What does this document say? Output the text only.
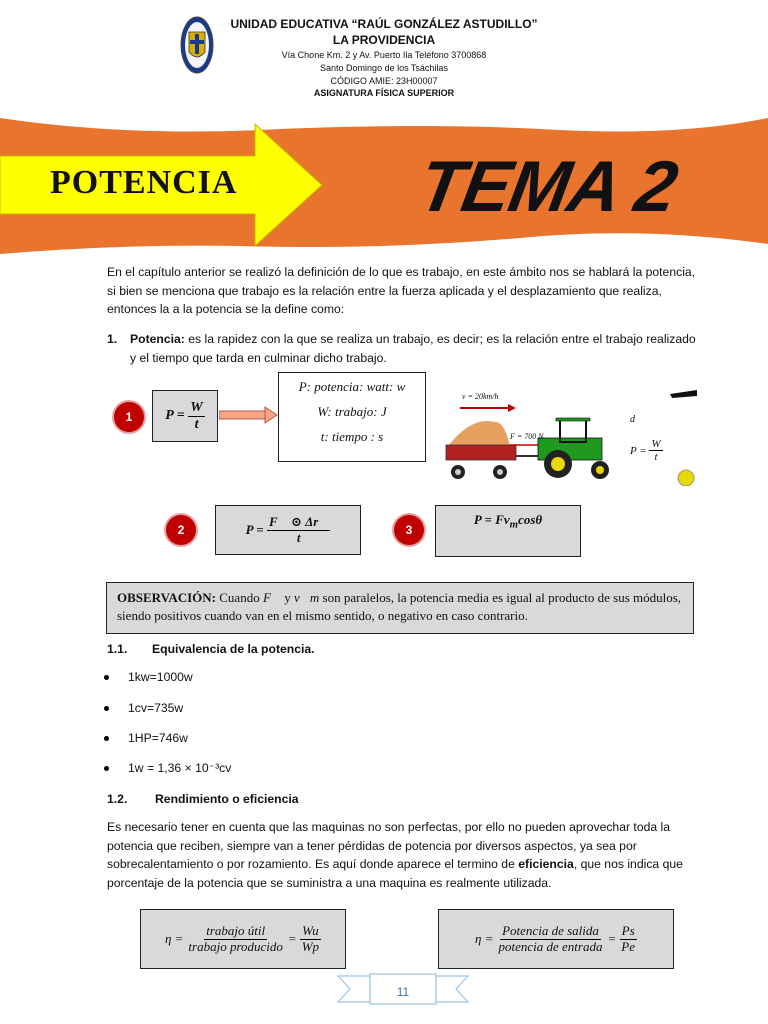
UNIDAD EDUCATIVA “RAÚL GONZÁLEZ ASTUDILLO”
LA PROVIDENCIA
Vía Chone Km. 2 y Av. Puerto Ila Teléfono 3700868
Santo Domingo de los Tsáchilas
CÓDIGO AMIE: 23H00007
ASIGNATURA FÍSICA SUPERIOR
POTENCIA TEMA 2
En el capítulo anterior se realizó la definición de lo que es trabajo, en este ámbito nos se hablará la potencia, si bien se menciona que trabajo es la relación entre la fuerza aplicada y el desplazamiento que realiza, entonces la a la potencia se la define como:
1. Potencia: es la rapidez con la que se realiza un trabajo, es decir; es la relación entre el trabajo realizado y el tiempo que tarda en culminar dicho trabajo.
1	P =
$\frac{W}{t}$
P: potencia: watt: w
W: trabajo: J
t: tiempo : s
v = 20km/h
F = 700 N
d
P =
$\frac{W}{t}$
2	P =
$\frac{F⃗ ⊙ \Delta r⃗}{t}$	3
$P = Fv_m\cos\theta$
OBSERVACIÓN: Cuando F⃗ y v⃗m son paralelos, la potencia media es igual al producto de sus módulos, siendo positivos cuando van en el mismo sentido, o negativo en caso contrario.
1.1. Equivalencia de la potencia.
1kw=1000w
1cv=735w
1HP=746w
1w = 1,36 × 10⁻³cv
1.2. Rendimiento o eficiencia
Es necesario tener en cuenta que las maquinas no son perfectas, por ello no pueden aprovechar toda la potencia que reciben, siempre van a tener pérdidas de potencia por diversos aspectos, ya sea por sobrecalentamiento o por rozamiento. Es aquí donde aparece el termino de eficiencia, que nos indica que porcentaje de la potencia que se suministra a una maquina es realmente utilizada.
$\eta = \frac{\text{trabajo útil}}{\text{trabajo producido}} = \frac{Wu}{Wp}$	$\eta = \frac{\text{Potencia de salida}}{\text{potencia de entrada}} = \frac{Ps}{Pe}$
11
